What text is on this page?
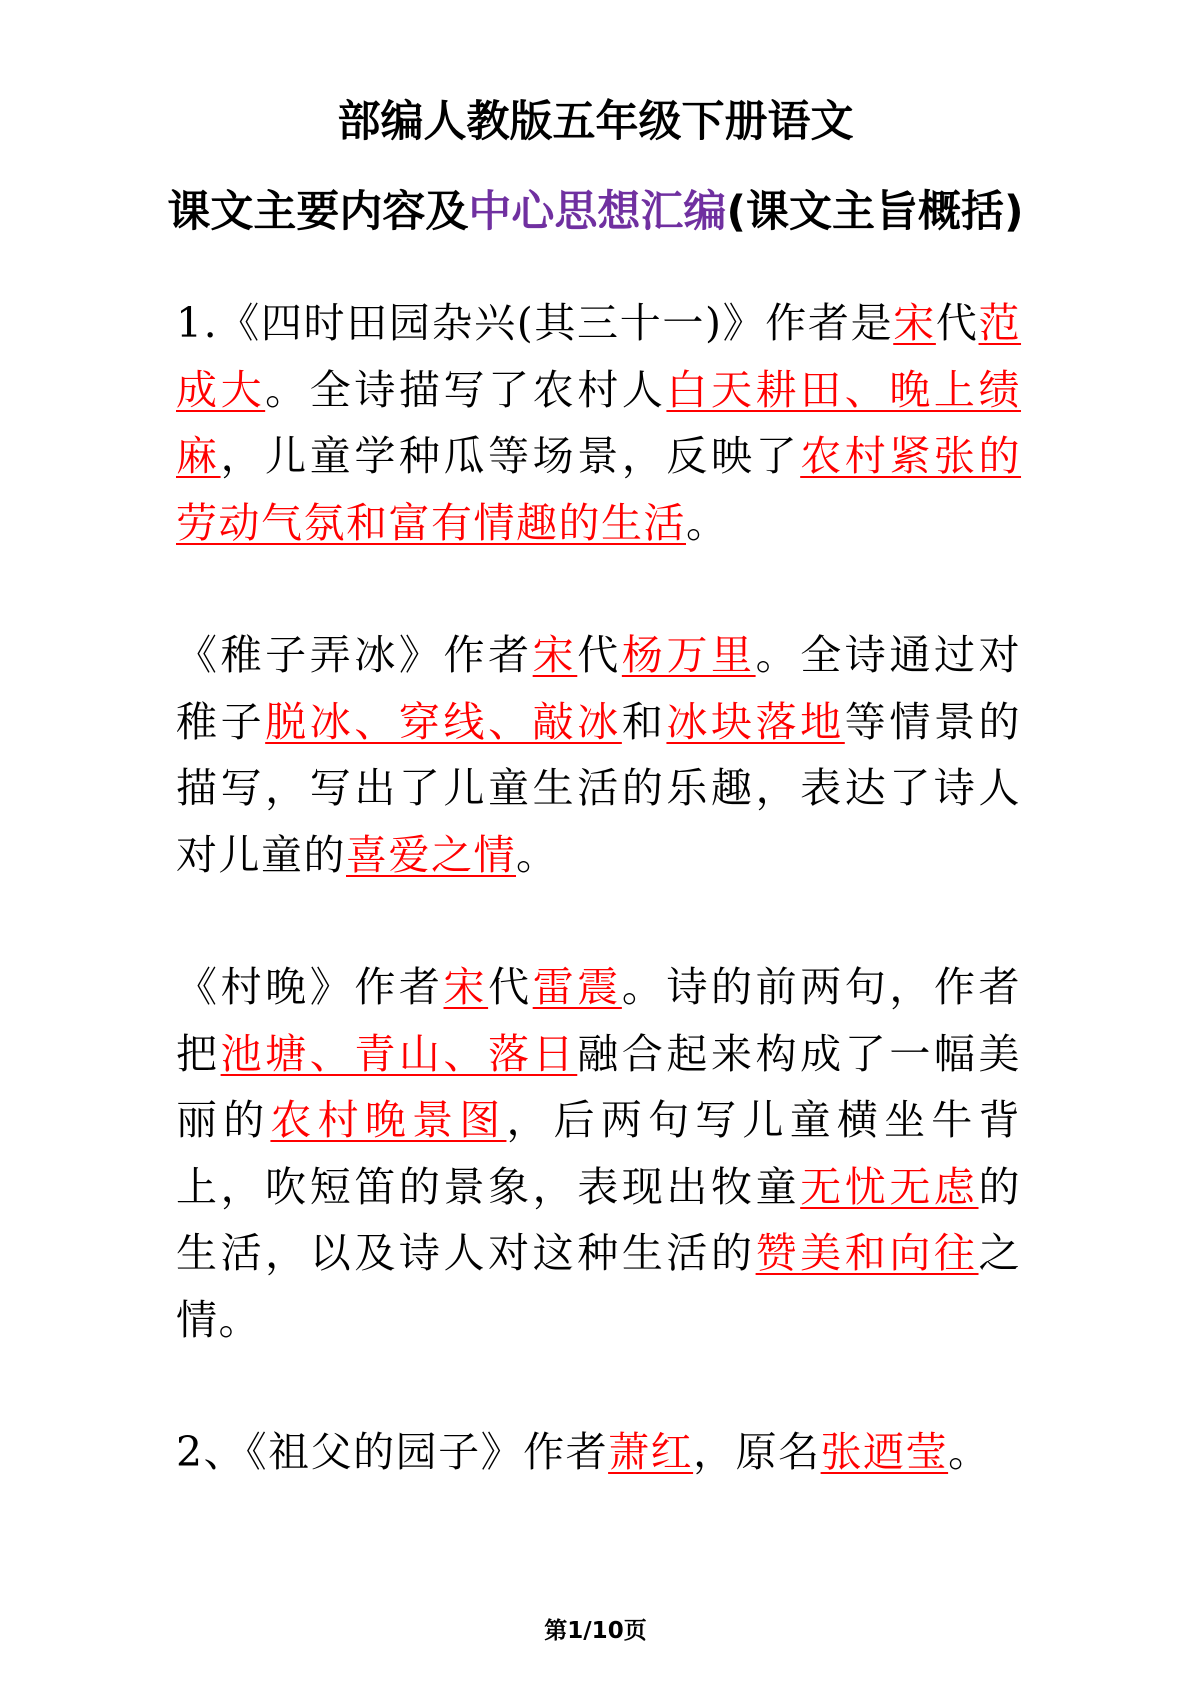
部编人教版五年级下册语文
课文主要内容及中心思想汇编(课文主旨概括)

1.《四时田园杂兴(其三十一)》作者是宋代范成大。全诗描写了农村人白天耕田、晚上绩麻，儿童学种瓜等场景，反映了农村紧张的劳动气氛和富有情趣的生活。

《稚子弄冰》作者宋代杨万里。全诗通过对稚子脱冰、穿线、敲冰和冰块落地等情景的描写，写出了儿童生活的乐趣，表达了诗人对儿童的喜爱之情。

《村晚》作者宋代雷震。诗的前两句，作者把池塘、青山、落日融合起来构成了一幅美丽的农村晚景图，后两句写儿童横坐牛背上，吹短笛的景象，表现出牧童无忧无虑的生活，以及诗人对这种生活的赞美和向往之情。

2、《祖父的园子》作者萧红，原名张迺莹。

第1/10页
